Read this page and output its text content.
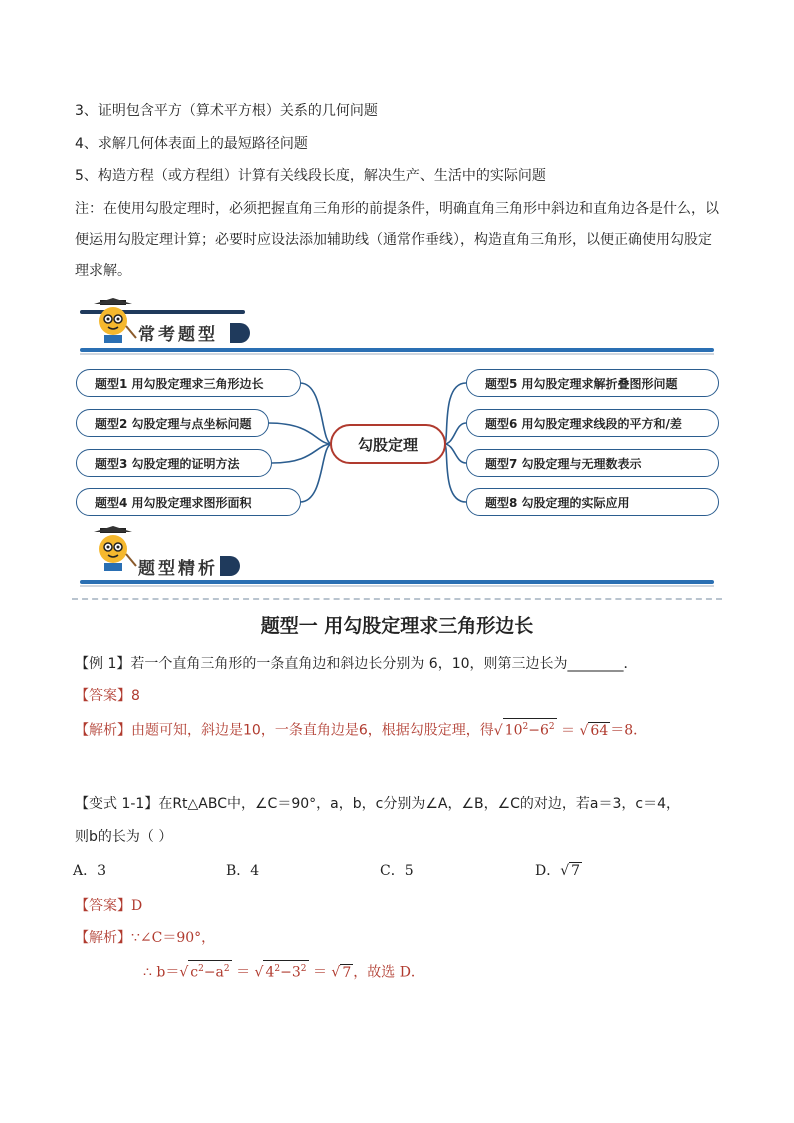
3、证明包含平方（算术平方根）关系的几何问题
4、求解几何体表面上的最短路径问题
5、构造方程（或方程组）计算有关线段长度，解决生产、生活中的实际问题
注：在使用勾股定理时，必须把握直角三角形的前提条件，明确直角三角形中斜边和直角边各是什么，以便运用勾股定理计算；必要时应设法添加辅助线（通常作垂线），构造直角三角形，以便正确使用勾股定理求解。
常考题型
题型1 用勾股定理求三角形边长
题型2 勾股定理与点坐标问题
题型3 勾股定理的证明方法
题型4 用勾股定理求图形面积
勾股定理
题型5 用勾股定理求解折叠图形问题
题型6 用勾股定理求线段的平方和/差
题型7 勾股定理与无理数表示
题型8 勾股定理的实际应用
题型精析
题型一 用勾股定理求三角形边长
【例 1】若一个直角三角形的一条直角边和斜边长分别为 6，10，则第三边长为________．
【答案】8
【解析】由题可知，斜边是10，一条直角边是6，根据勾股定理，得√ $10^2-6^2$ ＝ √ 64 ＝8．
【变式 1-1】在Rt△ABC中，∠C＝90°，a，b，c分别为∠A，∠B，∠C的对边，若a＝3，c＝4，
则b的长为（ ）
A．3	B．4	C．5	D．√ 7
【答案】D
【解析】∵∠C＝90°，
∴ b＝√ $c^2-a^2$ ＝ √ $4^2-3^2$ ＝ √ 7 ，故选 D．
